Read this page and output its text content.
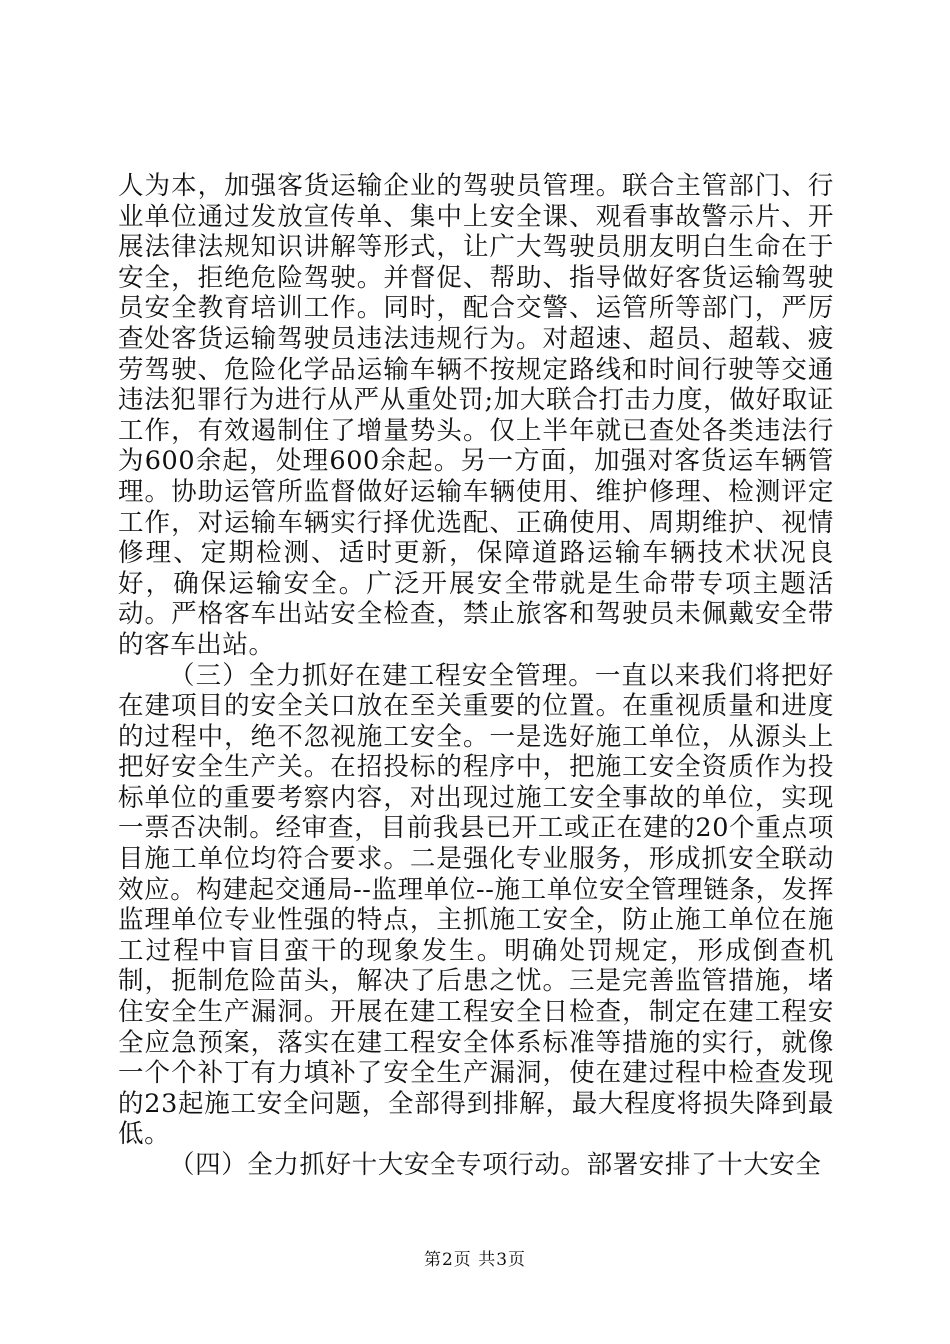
人为本，加强客货运输企业的驾驶员管理。联合主管部门、行业单位通过发放宣传单、集中上安全课、观看事故警示片、开展法律法规知识讲解等形式，让广大驾驶员朋友明白生命在于安全，拒绝危险驾驶。并督促、帮助、指导做好客货运输驾驶员安全教育培训工作。同时，配合交警、运管所等部门，严厉查处客货运输驾驶员违法违规行为。对超速、超员、超载、疲劳驾驶、危险化学品运输车辆不按规定路线和时间行驶等交通违法犯罪行为进行从严从重处罚;加大联合打击力度，做好取证工作，有效遏制住了增量势头。仅上半年就已查处各类违法行为600余起，处理600余起。另一方面，加强对客货运车辆管理。协助运管所监督做好运输车辆使用、维护修理、检测评定工作，对运输车辆实行择优选配、正确使用、周期维护、视情修理、定期检测、适时更新，保障道路运输车辆技术状况良好，确保运输安全。广泛开展安全带就是生命带专项主题活动。严格客车出站安全检查，禁止旅客和驾驶员未佩戴安全带的客车出站。

（三）全力抓好在建工程安全管理。一直以来我们将把好在建项目的安全关口放在至关重要的位置。在重视质量和进度的过程中，绝不忽视施工安全。一是选好施工单位，从源头上把好安全生产关。在招投标的程序中，把施工安全资质作为投标单位的重要考察内容，对出现过施工安全事故的单位，实现一票否决制。经审查，目前我县已开工或正在建的20个重点项目施工单位均符合要求。二是强化专业服务，形成抓安全联动效应。构建起交通局--监理单位--施工单位安全管理链条，发挥监理单位专业性强的特点，主抓施工安全，防止施工单位在施工过程中盲目蛮干的现象发生。明确处罚规定，形成倒查机制，扼制危险苗头，解决了后患之忧。三是完善监管措施，堵住安全生产漏洞。开展在建工程安全日检查，制定在建工程安全应急预案，落实在建工程安全体系标准等措施的实行，就像一个个补丁有力填补了安全生产漏洞，使在建过程中检查发现的23起施工安全问题，全部得到排解，最大程度将损失降到最低。

（四）全力抓好十大安全专项行动。部署安排了十大安全

第2页 共3页
